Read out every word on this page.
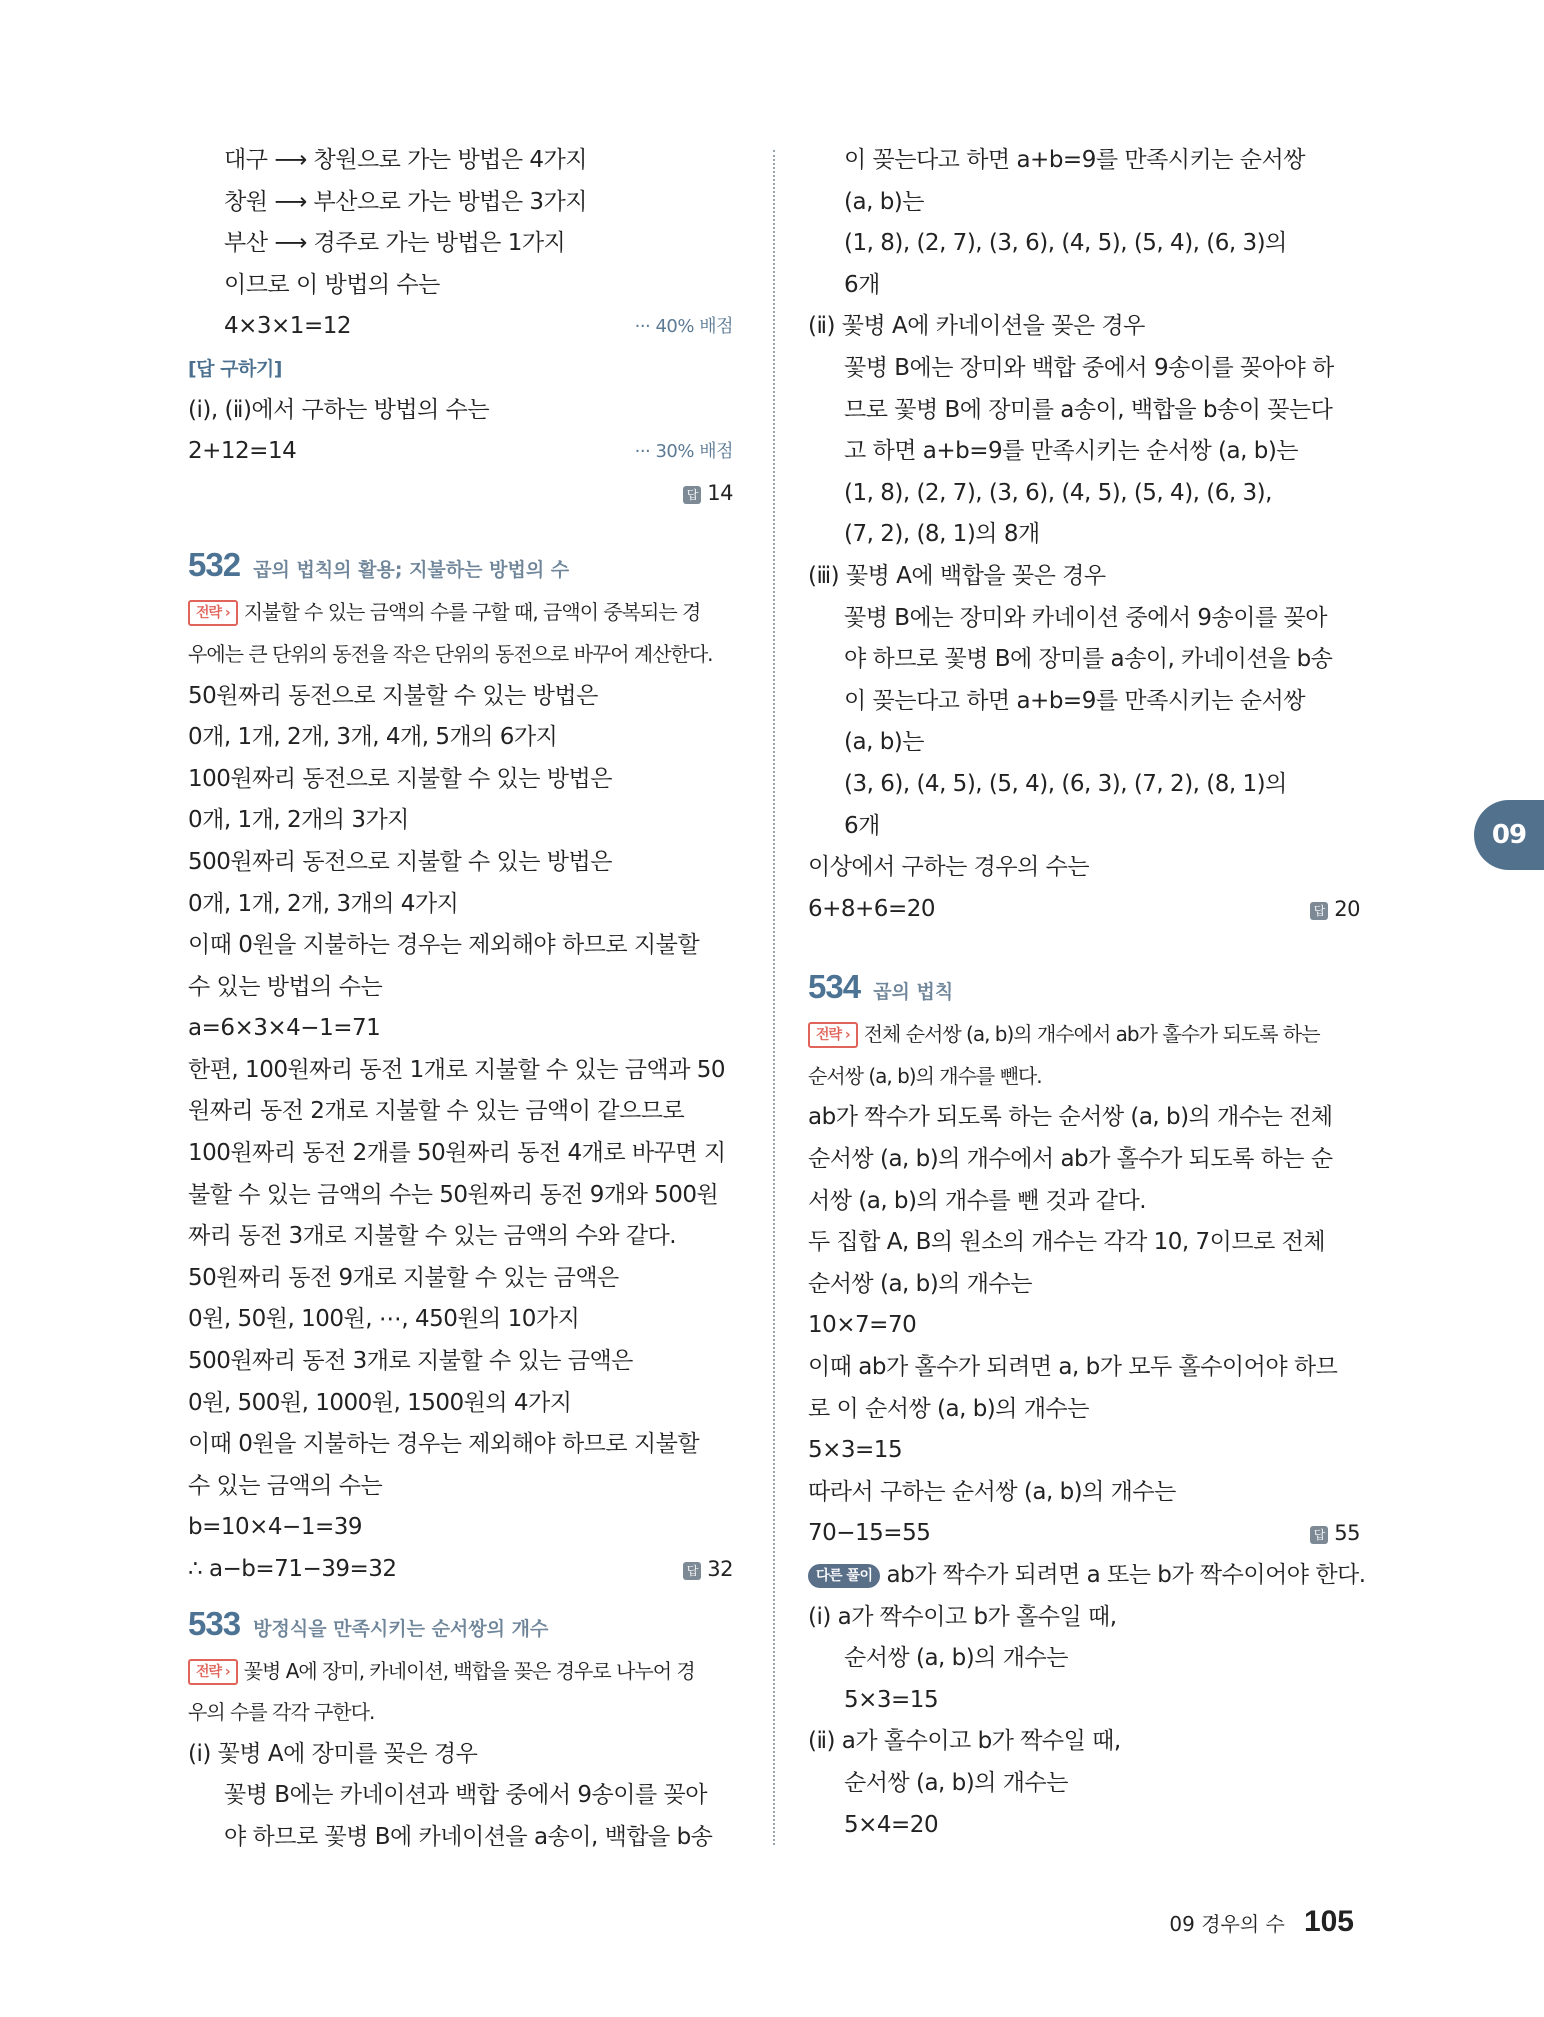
대구 ⟶ 창원으로 가는 방법은 4가지
창원 ⟶ 부산으로 가는 방법은 3가지
부산 ⟶ 경주로 가는 방법은 1가지
이므로 이 방법의 수는
4×3×1=12	··· 40% 배점
[답 구하기]
(ⅰ), (ⅱ)에서 구하는 방법의 수는
2+12=14	··· 30% 배점
답 14
532 곱의 법칙의 활용; 지불하는 방법의 수
전략 › 지불할 수 있는 금액의 수를 구할 때, 금액이 중복되는 경
우에는 큰 단위의 동전을 작은 단위의 동전으로 바꾸어 계산한다.
50원짜리 동전으로 지불할 수 있는 방법은
0개, 1개, 2개, 3개, 4개, 5개의 6가지
100원짜리 동전으로 지불할 수 있는 방법은
0개, 1개, 2개의 3가지
500원짜리 동전으로 지불할 수 있는 방법은
0개, 1개, 2개, 3개의 4가지
이때 0원을 지불하는 경우는 제외해야 하므로 지불할
수 있는 방법의 수는
a=6×3×4−1=71
한편, 100원짜리 동전 1개로 지불할 수 있는 금액과 50
원짜리 동전 2개로 지불할 수 있는 금액이 같으므로
100원짜리 동전 2개를 50원짜리 동전 4개로 바꾸면 지
불할 수 있는 금액의 수는 50원짜리 동전 9개와 500원
짜리 동전 3개로 지불할 수 있는 금액의 수와 같다.
50원짜리 동전 9개로 지불할 수 있는 금액은
0원, 50원, 100원, ⋯, 450원의 10가지
500원짜리 동전 3개로 지불할 수 있는 금액은
0원, 500원, 1000원, 1500원의 4가지
이때 0원을 지불하는 경우는 제외해야 하므로 지불할
수 있는 금액의 수는
b=10×4−1=39
∴ a−b=71−39=32	답 32
533 방정식을 만족시키는 순서쌍의 개수
전략 › 꽃병 A에 장미, 카네이션, 백합을 꽂은 경우로 나누어 경
우의 수를 각각 구한다.
(ⅰ) 꽃병 A에 장미를 꽂은 경우
꽃병 B에는 카네이션과 백합 중에서 9송이를 꽂아
야 하므로 꽃병 B에 카네이션을 a송이, 백합을 b송
이 꽂는다고 하면 a+b=9를 만족시키는 순서쌍
(a, b)는
(1, 8), (2, 7), (3, 6), (4, 5), (5, 4), (6, 3)의
6개
(ⅱ) 꽃병 A에 카네이션을 꽂은 경우
꽃병 B에는 장미와 백합 중에서 9송이를 꽂아야 하
므로 꽃병 B에 장미를 a송이, 백합을 b송이 꽂는다
고 하면 a+b=9를 만족시키는 순서쌍 (a, b)는
(1, 8), (2, 7), (3, 6), (4, 5), (5, 4), (6, 3),
(7, 2), (8, 1)의 8개
(ⅲ) 꽃병 A에 백합을 꽂은 경우
꽃병 B에는 장미와 카네이션 중에서 9송이를 꽂아
야 하므로 꽃병 B에 장미를 a송이, 카네이션을 b송
이 꽂는다고 하면 a+b=9를 만족시키는 순서쌍
(a, b)는
(3, 6), (4, 5), (5, 4), (6, 3), (7, 2), (8, 1)의
6개
이상에서 구하는 경우의 수는
6+8+6=20	답 20
534 곱의 법칙
전략 › 전체 순서쌍 (a, b)의 개수에서 ab가 홀수가 되도록 하는
순서쌍 (a, b)의 개수를 뺀다.
ab가 짝수가 되도록 하는 순서쌍 (a, b)의 개수는 전체
순서쌍 (a, b)의 개수에서 ab가 홀수가 되도록 하는 순
서쌍 (a, b)의 개수를 뺀 것과 같다.
두 집합 A, B의 원소의 개수는 각각 10, 7이므로 전체
순서쌍 (a, b)의 개수는
10×7=70
이때 ab가 홀수가 되려면 a, b가 모두 홀수이어야 하므
로 이 순서쌍 (a, b)의 개수는
5×3=15
따라서 구하는 순서쌍 (a, b)의 개수는
70−15=55	답 55
다른 풀이 ab가 짝수가 되려면 a 또는 b가 짝수이어야 한다.
(ⅰ) a가 짝수이고 b가 홀수일 때,
순서쌍 (a, b)의 개수는
5×3=15
(ⅱ) a가 홀수이고 b가 짝수일 때,
순서쌍 (a, b)의 개수는
5×4=20
09
09 경우의 수 105
